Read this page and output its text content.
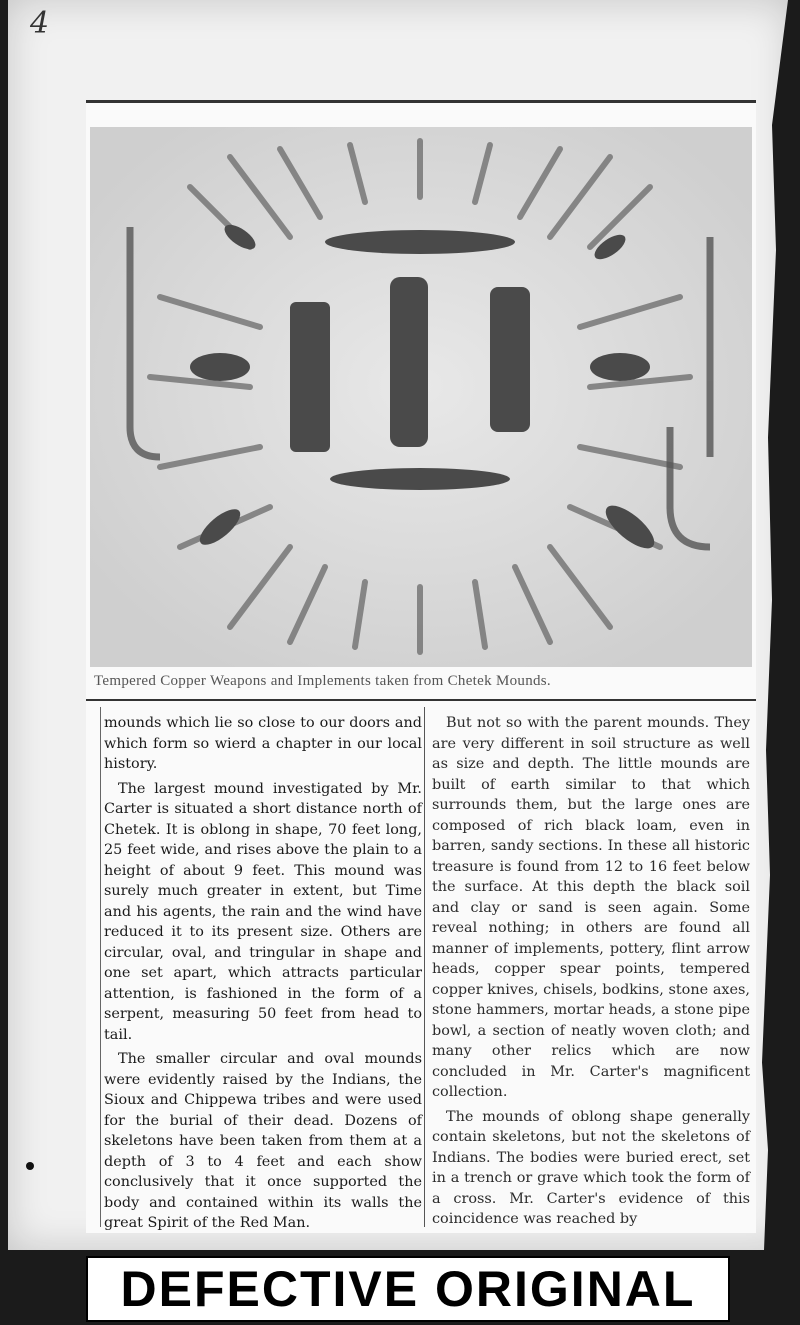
4
Tempered Copper Weapons and Implements taken from Chetek Mounds.

mounds which lie so close to our doors and which form so wierd a chapter in our local history.

The largest mound investigated by Mr. Carter is situated a short distance north of Chetek. It is oblong in shape, 70 feet long, 25 feet wide, and rises above the plain to a height of about 9 feet. This mound was surely much greater in extent, but Time and his agents, the rain and the wind have reduced it to its present size. Others are circular, oval, and tringular in shape and one set apart, which attracts particular attention, is fashioned in the form of a serpent, measuring 50 feet from head to tail.

The smaller circular and oval mounds were evidently raised by the Indians, the Sioux and Chippewa tribes and were used for the burial of their dead. Dozens of skeletons have been taken from them at a depth of 3 to 4 feet and each show conclusively that it once supported the body and contained within its walls the great Spirit of the Red Man.

But not so with the parent mounds. They are very different in soil structure as well as size and depth. The little mounds are built of earth similar to that which surrounds them, but the large ones are composed of rich black loam, even in barren, sandy sections. In these all historic treasure is found from 12 to 16 feet below the surface. At this depth the black soil and clay or sand is seen again. Some reveal nothing; in others are found all manner of implements, pottery, flint arrow heads, copper spear points, tempered copper knives, chisels, bodkins, stone axes, stone hammers, mortar heads, a stone pipe bowl, a section of neatly woven cloth; and many other relics which are now concluded in Mr. Carter's magnificent collection.

The mounds of oblong shape generally contain skeletons, but not the skeletons of Indians. The bodies were buried erect, set in a trench or grave which took the form of a cross. Mr. Carter's evidence of this coincidence was reached by

DEFECTIVE ORIGINAL
